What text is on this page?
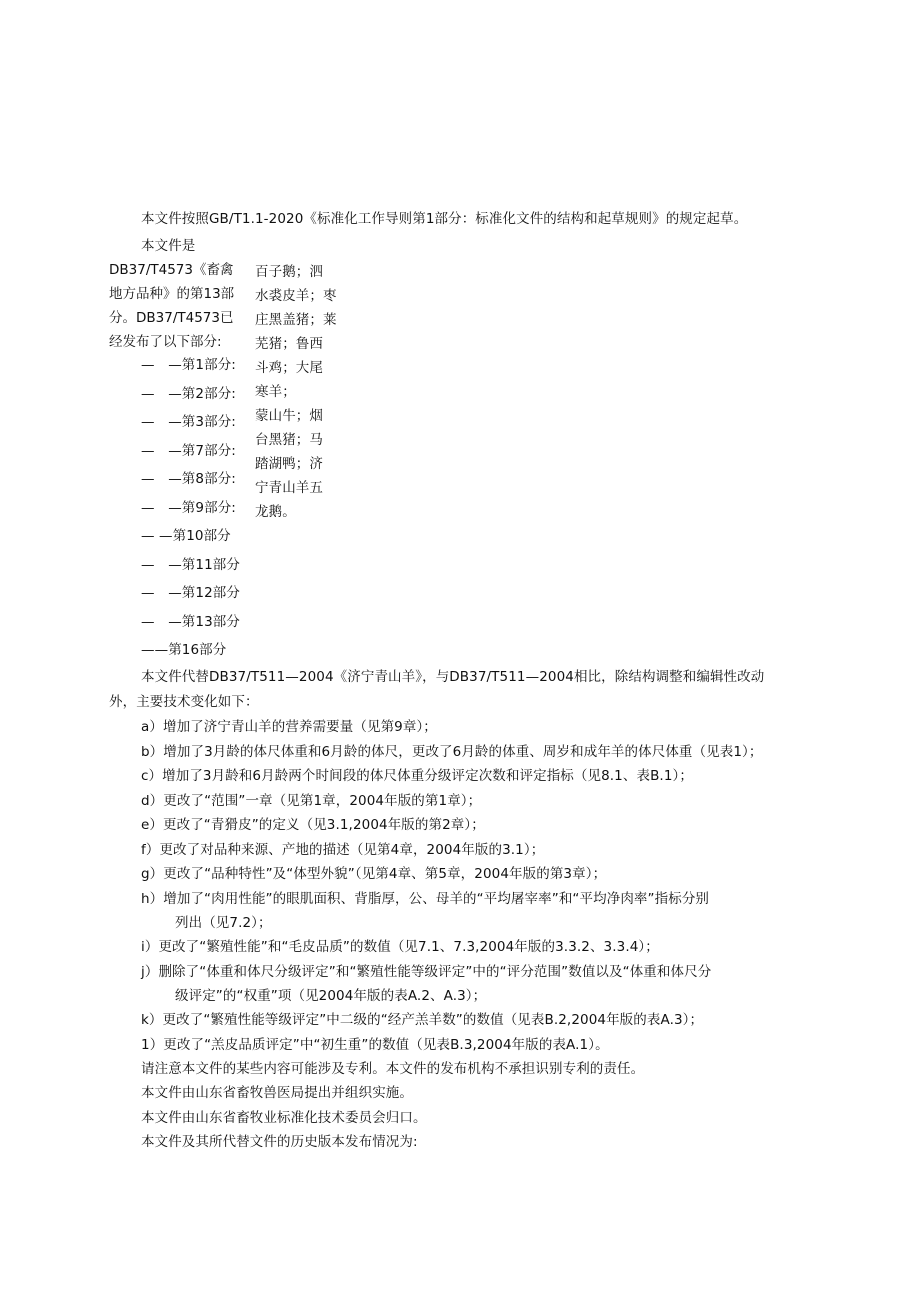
本文件按照GB/T1.1-2020《标准化工作导则第1部分：标准化文件的结构和起草规则》的规定起草。
本文件是
DB37/T4573《畜禽
地方品种》的第13部
分。DB37/T4573已
经发布了以下部分:
—　—第1部分:
—　—第2部分:
—　—第3部分:
—　—第7部分:
—　—第8部分:
—　—第9部分:
— —第10部分
—　—第11部分
—　—第12部分
—　—第13部分
——第16部分
百子鹅；泗
水裘皮羊；枣
庄黑盖猪；莱
芜猪；鲁西
斗鸡；大尾
寒羊；
蒙山牛；烟
台黑猪；马
踏湖鸭；济
宁青山羊五
龙鹅。
本文件代替DB37/T511—2004《济宁青山羊》，与DB37/T511—2004相比，除结构调整和编辑性改动
外，主要技术变化如下：
a）增加了济宁青山羊的营养需要量（见第9章）；
b）增加了3月龄的体尺体重和6月龄的体尺，更改了6月龄的体重、周岁和成年羊的体尺体重（见表1）；
c）增加了3月龄和6月龄两个时间段的体尺体重分级评定次数和评定指标（见8.1、表B.1）；
d）更改了“范围”一章（见第1章，2004年版的第1章）；
e）更改了“青猾皮”的定义（见3.1,2004年版的第2章）；
f）更改了对品种来源、产地的描述（见第4章，2004年版的3.1）；
g）更改了“品种特性”及“体型外貌”（见第4章、第5章，2004年版的第3章）；
h）增加了“肉用性能”的眼肌面积、背脂厚，公、母羊的“平均屠宰率”和“平均净肉率”指标分别
列出（见7.2）；
i）更改了“繁殖性能”和“毛皮品质”的数值（见7.1、7.3,2004年版的3.3.2、3.3.4）；
j）删除了“体重和体尺分级评定”和“繁殖性能等级评定”中的“评分范围”数值以及“体重和体尺分
级评定”的“权重”项（见2004年版的表A.2、A.3）；
k）更改了“繁殖性能等级评定”中二级的“经产羔羊数”的数值（见表B.2,2004年版的表A.3）；
1）更改了“羔皮品质评定”中“初生重”的数值（见表B.3,2004年版的表A.1）。
请注意本文件的某些内容可能涉及专利。本文件的发布机构不承担识别专利的责任。
本文件由山东省畜牧兽医局提出并组织实施。
本文件由山东省畜牧业标准化技术委员会归口。
本文件及其所代替文件的历史版本发布情况为:
